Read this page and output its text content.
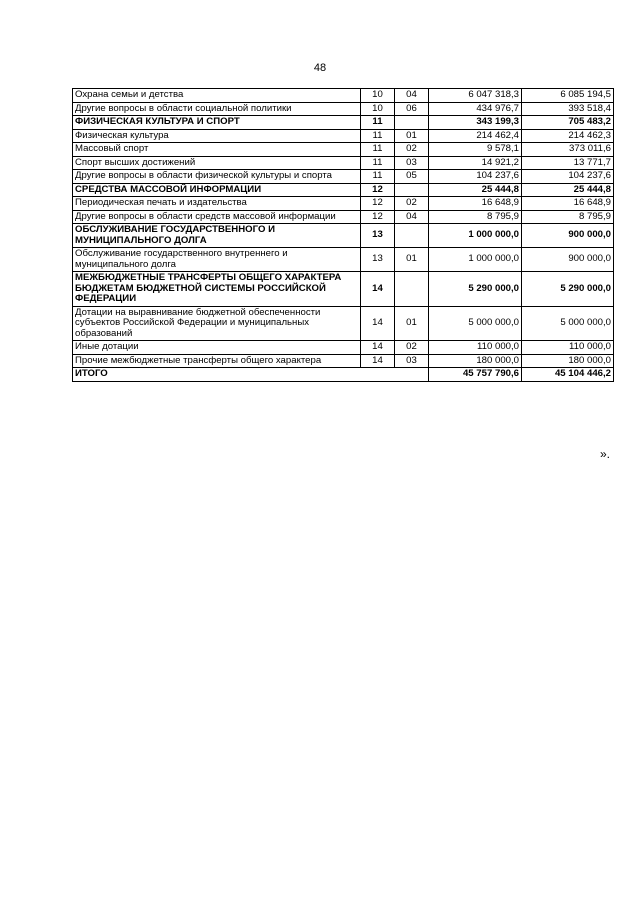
48
Охрана семьи и детства	10	04	6 047 318,3	6 085 194,5
Другие вопросы в области социальной политики	10	06	434 976,7	393 518,4
ФИЗИЧЕСКАЯ КУЛЬТУРА И СПОРТ	11		343 199,3	705 483,2
Физическая культура	11	01	214 462,4	214 462,3
Массовый спорт	11	02	9 578,1	373 011,6
Спорт высших достижений	11	03	14 921,2	13 771,7
Другие вопросы в области физической культуры и спорта	11	05	104 237,6	104 237,6
СРЕДСТВА МАССОВОЙ ИНФОРМАЦИИ	12		25 444,8	25 444,8
Периодическая печать и издательства	12	02	16 648,9	16 648,9
Другие вопросы в области средств массовой информации	12	04	8 795,9	8 795,9
ОБСЛУЖИВАНИЕ ГОСУДАРСТВЕННОГО И МУНИЦИПАЛЬНОГО ДОЛГА	13		1 000 000,0	900 000,0
Обслуживание государственного внутреннего и муниципального долга	13	01	1 000 000,0	900 000,0
МЕЖБЮДЖЕТНЫЕ ТРАНСФЕРТЫ ОБЩЕГО ХАРАКТЕРА БЮДЖЕТАМ БЮДЖЕТНОЙ СИСТЕМЫ РОССИЙСКОЙ ФЕДЕРАЦИИ	14		5 290 000,0	5 290 000,0
Дотации на выравнивание бюджетной обеспеченности субъектов Российской Федерации и муниципальных образований	14	01	5 000 000,0	5 000 000,0
Иные дотации	14	02	110 000,0	110 000,0
Прочие межбюджетные трансферты общего характера	14	03	180 000,0	180 000,0
ИТОГО			45 757 790,6	45 104 446,2
».
